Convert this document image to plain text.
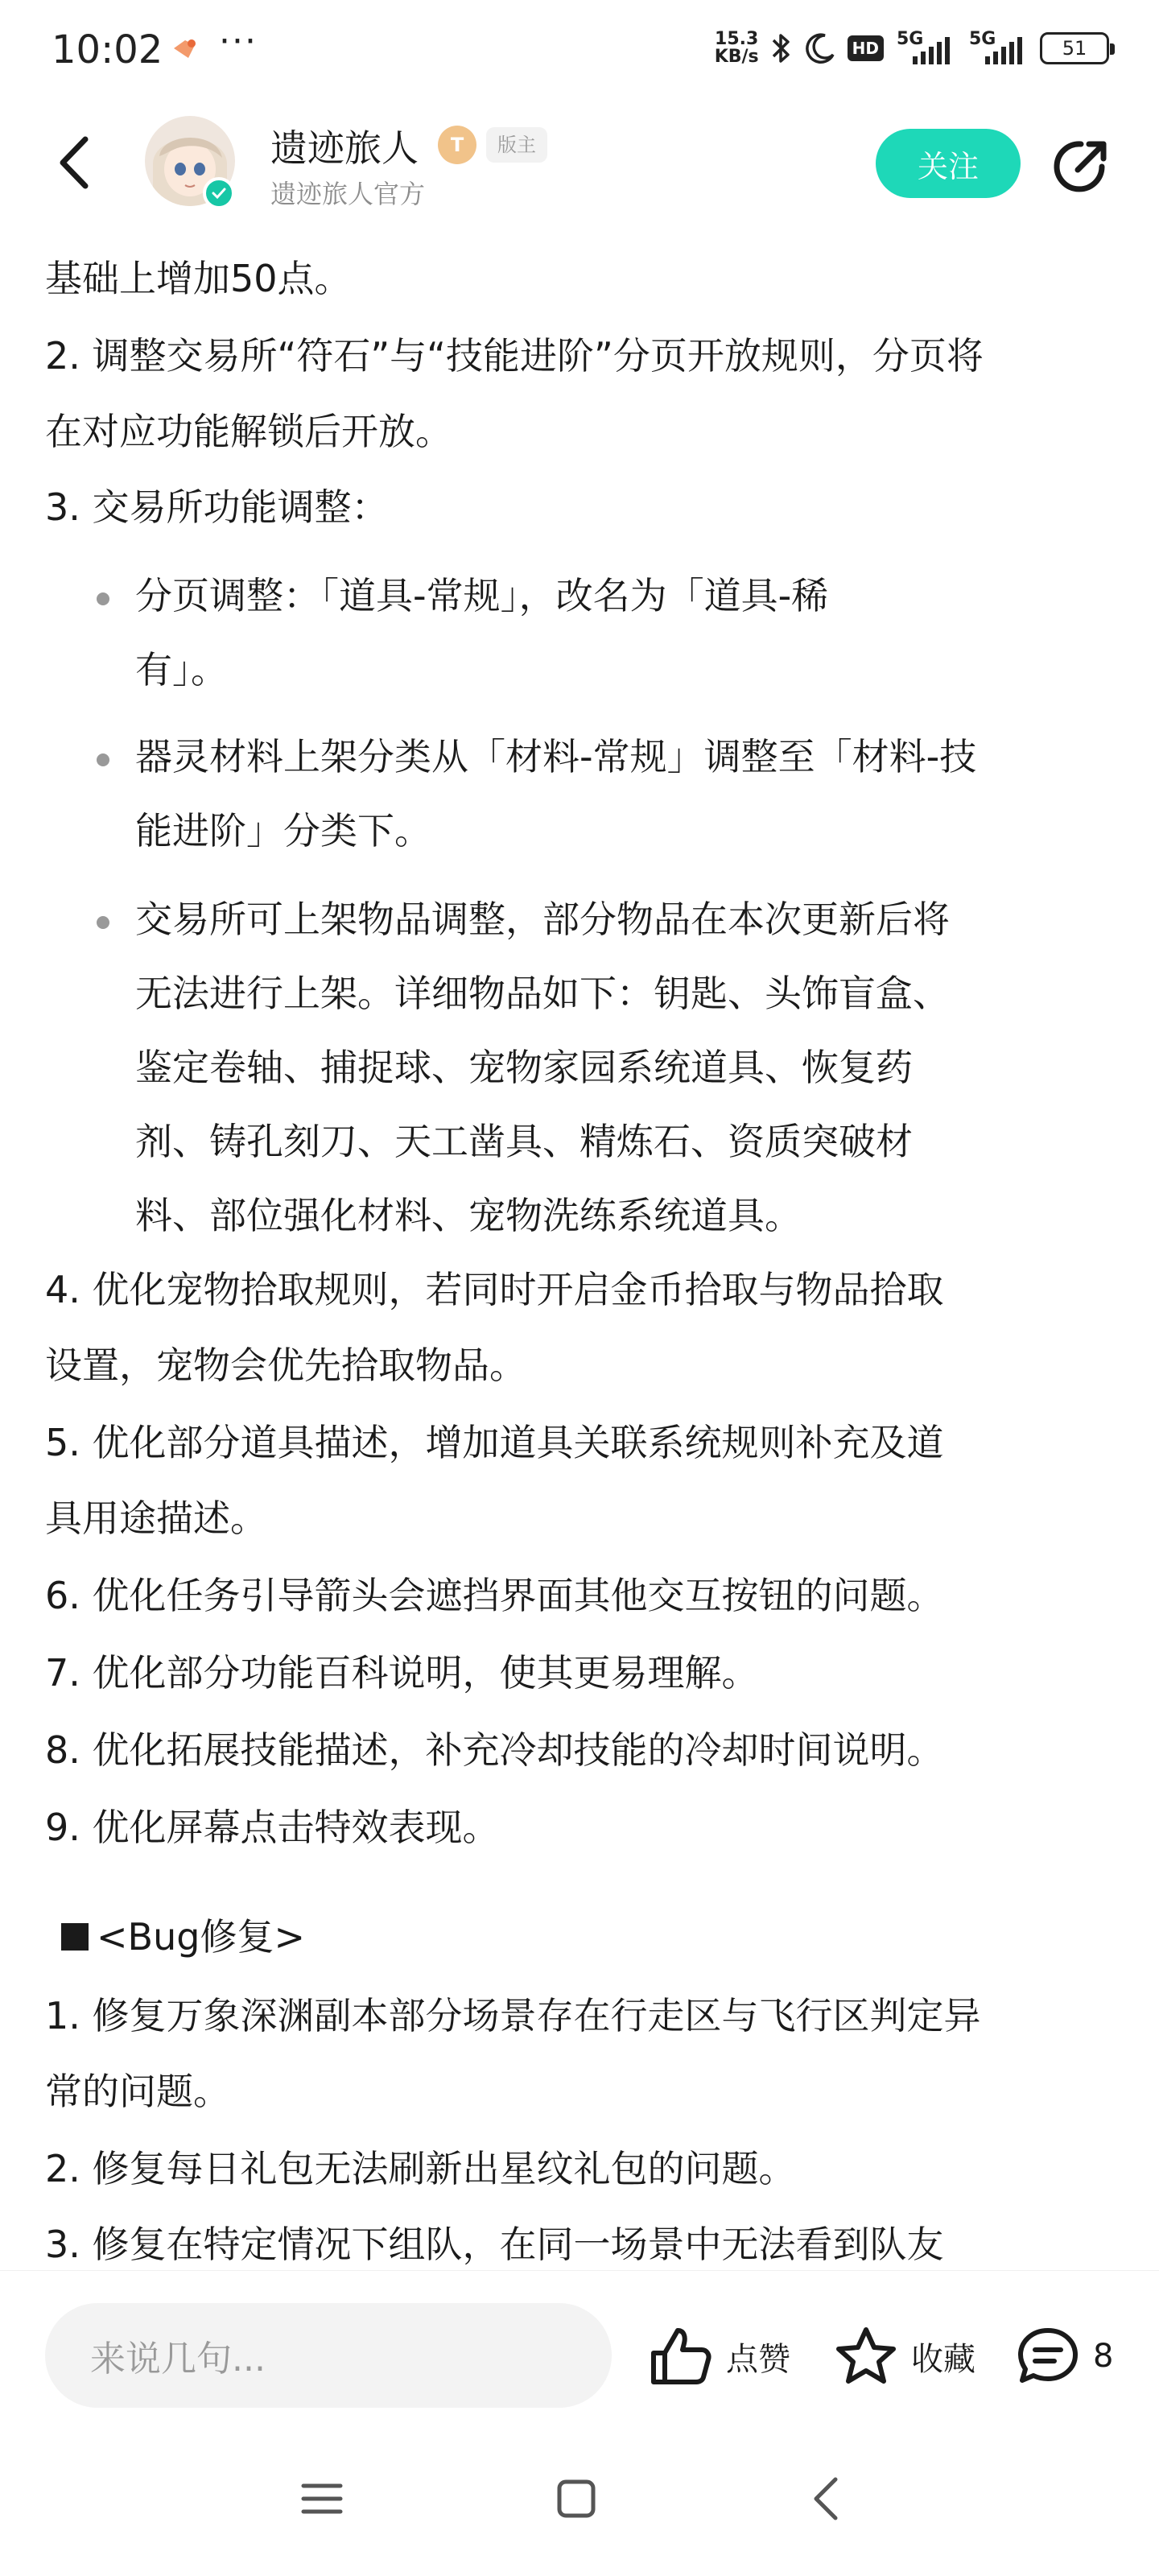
10:02 ···	15.3
KB/s	HD 5G	5G	51
遗迹旅人	T	版主
遗迹旅人官方
关注
基础上增加50点。
2. 调整交易所“符石”与“技能进阶”分页开放规则，分页将
在对应功能解锁后开放。
3. 交易所功能调整：
分页调整：「道具-常规」，改名为「道具-稀
有」。
器灵材料上架分类从「材料-常规」调整至「材料-技
能进阶」分类下。
交易所可上架物品调整，部分物品在本次更新后将
无法进行上架。详细物品如下：钥匙、头饰盲盒、
鉴定卷轴、捕捉球、宠物家园系统道具、恢复药
剂、铸孔刻刀、天工凿具、精炼石、资质突破材
料、部位强化材料、宠物洗练系统道具。
4. 优化宠物拾取规则，若同时开启金币拾取与物品拾取
设置，宠物会优先拾取物品。
5. 优化部分道具描述，增加道具关联系统规则补充及道
具用途描述。
6. 优化任务引导箭头会遮挡界面其他交互按钮的问题。
7. 优化部分功能百科说明，使其更易理解。
8. 优化拓展技能描述，补充冷却技能的冷却时间说明。
9. 优化屏幕点击特效表现。
<Bug修复>
1. 修复万象深渊副本部分场景存在行走区与飞行区判定异
常的问题。
2. 修复每日礼包无法刷新出星纹礼包的问题。
3. 修复在特定情况下组队，在同一场景中无法看到队友
来说几句...	点赞	收藏	8
